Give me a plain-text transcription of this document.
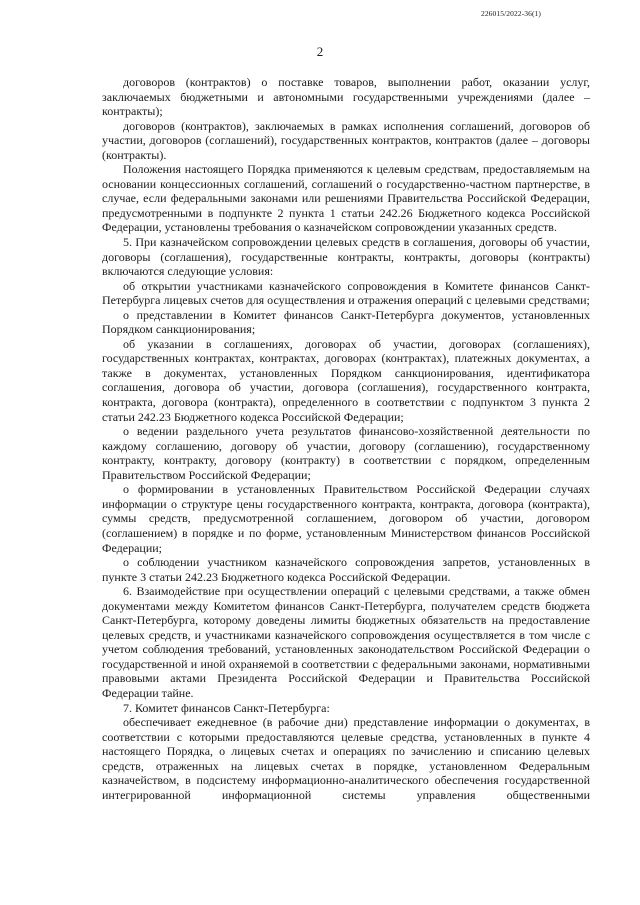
226015/2022-36(1)
2

договоров (контрактов) о поставке товаров, выполнении работ, оказании услуг, заключаемых бюджетными и автономными государственными учреждениями (далее – контракты);

договоров (контрактов), заключаемых в рамках исполнения соглашений, договоров об участии, договоров (соглашений), государственных контрактов, контрактов (далее – договоры (контракты).

Положения настоящего Порядка применяются к целевым средствам, предоставляемым на основании концессионных соглашений, соглашений о государственно-частном партнерстве, в случае, если федеральными законами или решениями Правительства Российской Федерации, предусмотренными в подпункте 2 пункта 1 статьи 242.26 Бюджетного кодекса Российской Федерации, установлены требования о казначейском сопровождении указанных средств.

5. При казначейском сопровождении целевых средств в соглашения, договоры об участии, договоры (соглашения), государственные контракты, контракты, договоры (контракты) включаются следующие условия:

об открытии участниками казначейского сопровождения в Комитете финансов Санкт-Петербурга лицевых счетов для осуществления и отражения операций с целевыми средствами;

о представлении в Комитет финансов Санкт-Петербурга документов, установленных Порядком санкционирования;

об указании в соглашениях, договорах об участии, договорах (соглашениях), государственных контрактах, контрактах, договорах (контрактах), платежных документах, а также в документах, установленных Порядком санкционирования, идентификатора соглашения, договора об участии, договора (соглашения), государственного контракта, контракта, договора (контракта), определенного в соответствии с подпунктом 3 пункта 2 статьи 242.23 Бюджетного кодекса Российской Федерации;

о ведении раздельного учета результатов финансово-хозяйственной деятельности по каждому соглашению, договору об участии, договору (соглашению), государственному контракту, контракту, договору (контракту) в соответствии с порядком, определенным Правительством Российской Федерации;

о формировании в установленных Правительством Российской Федерации случаях информации о структуре цены государственного контракта, контракта, договора (контракта), суммы средств, предусмотренной соглашением, договором об участии, договором (соглашением) в порядке и по форме, установленным Министерством финансов Российской Федерации;

о соблюдении участником казначейского сопровождения запретов, установленных в пункте 3 статьи 242.23 Бюджетного кодекса Российской Федерации.

6. Взаимодействие при осуществлении операций с целевыми средствами, а также обмен документами между Комитетом финансов Санкт-Петербурга, получателем средств бюджета Санкт-Петербурга, которому доведены лимиты бюджетных обязательств на предоставление целевых средств, и участниками казначейского сопровождения осуществляется в том числе с учетом соблюдения требований, установленных законодательством Российской Федерации о государственной и иной охраняемой в соответствии с федеральными законами, нормативными правовыми актами Президента Российской Федерации и Правительства Российской Федерации тайне.

7. Комитет финансов Санкт-Петербурга:

обеспечивает ежедневное (в рабочие дни) представление информации о документах, в соответствии с которыми предоставляются целевые средства, установленных в пункте 4 настоящего Порядка, о лицевых счетах и операциях по зачислению и списанию целевых средств, отраженных на лицевых счетах в порядке, установленном Федеральным казначейством, в подсистему информационно-аналитического обеспечения государственной интегрированной информационной системы управления общественными
